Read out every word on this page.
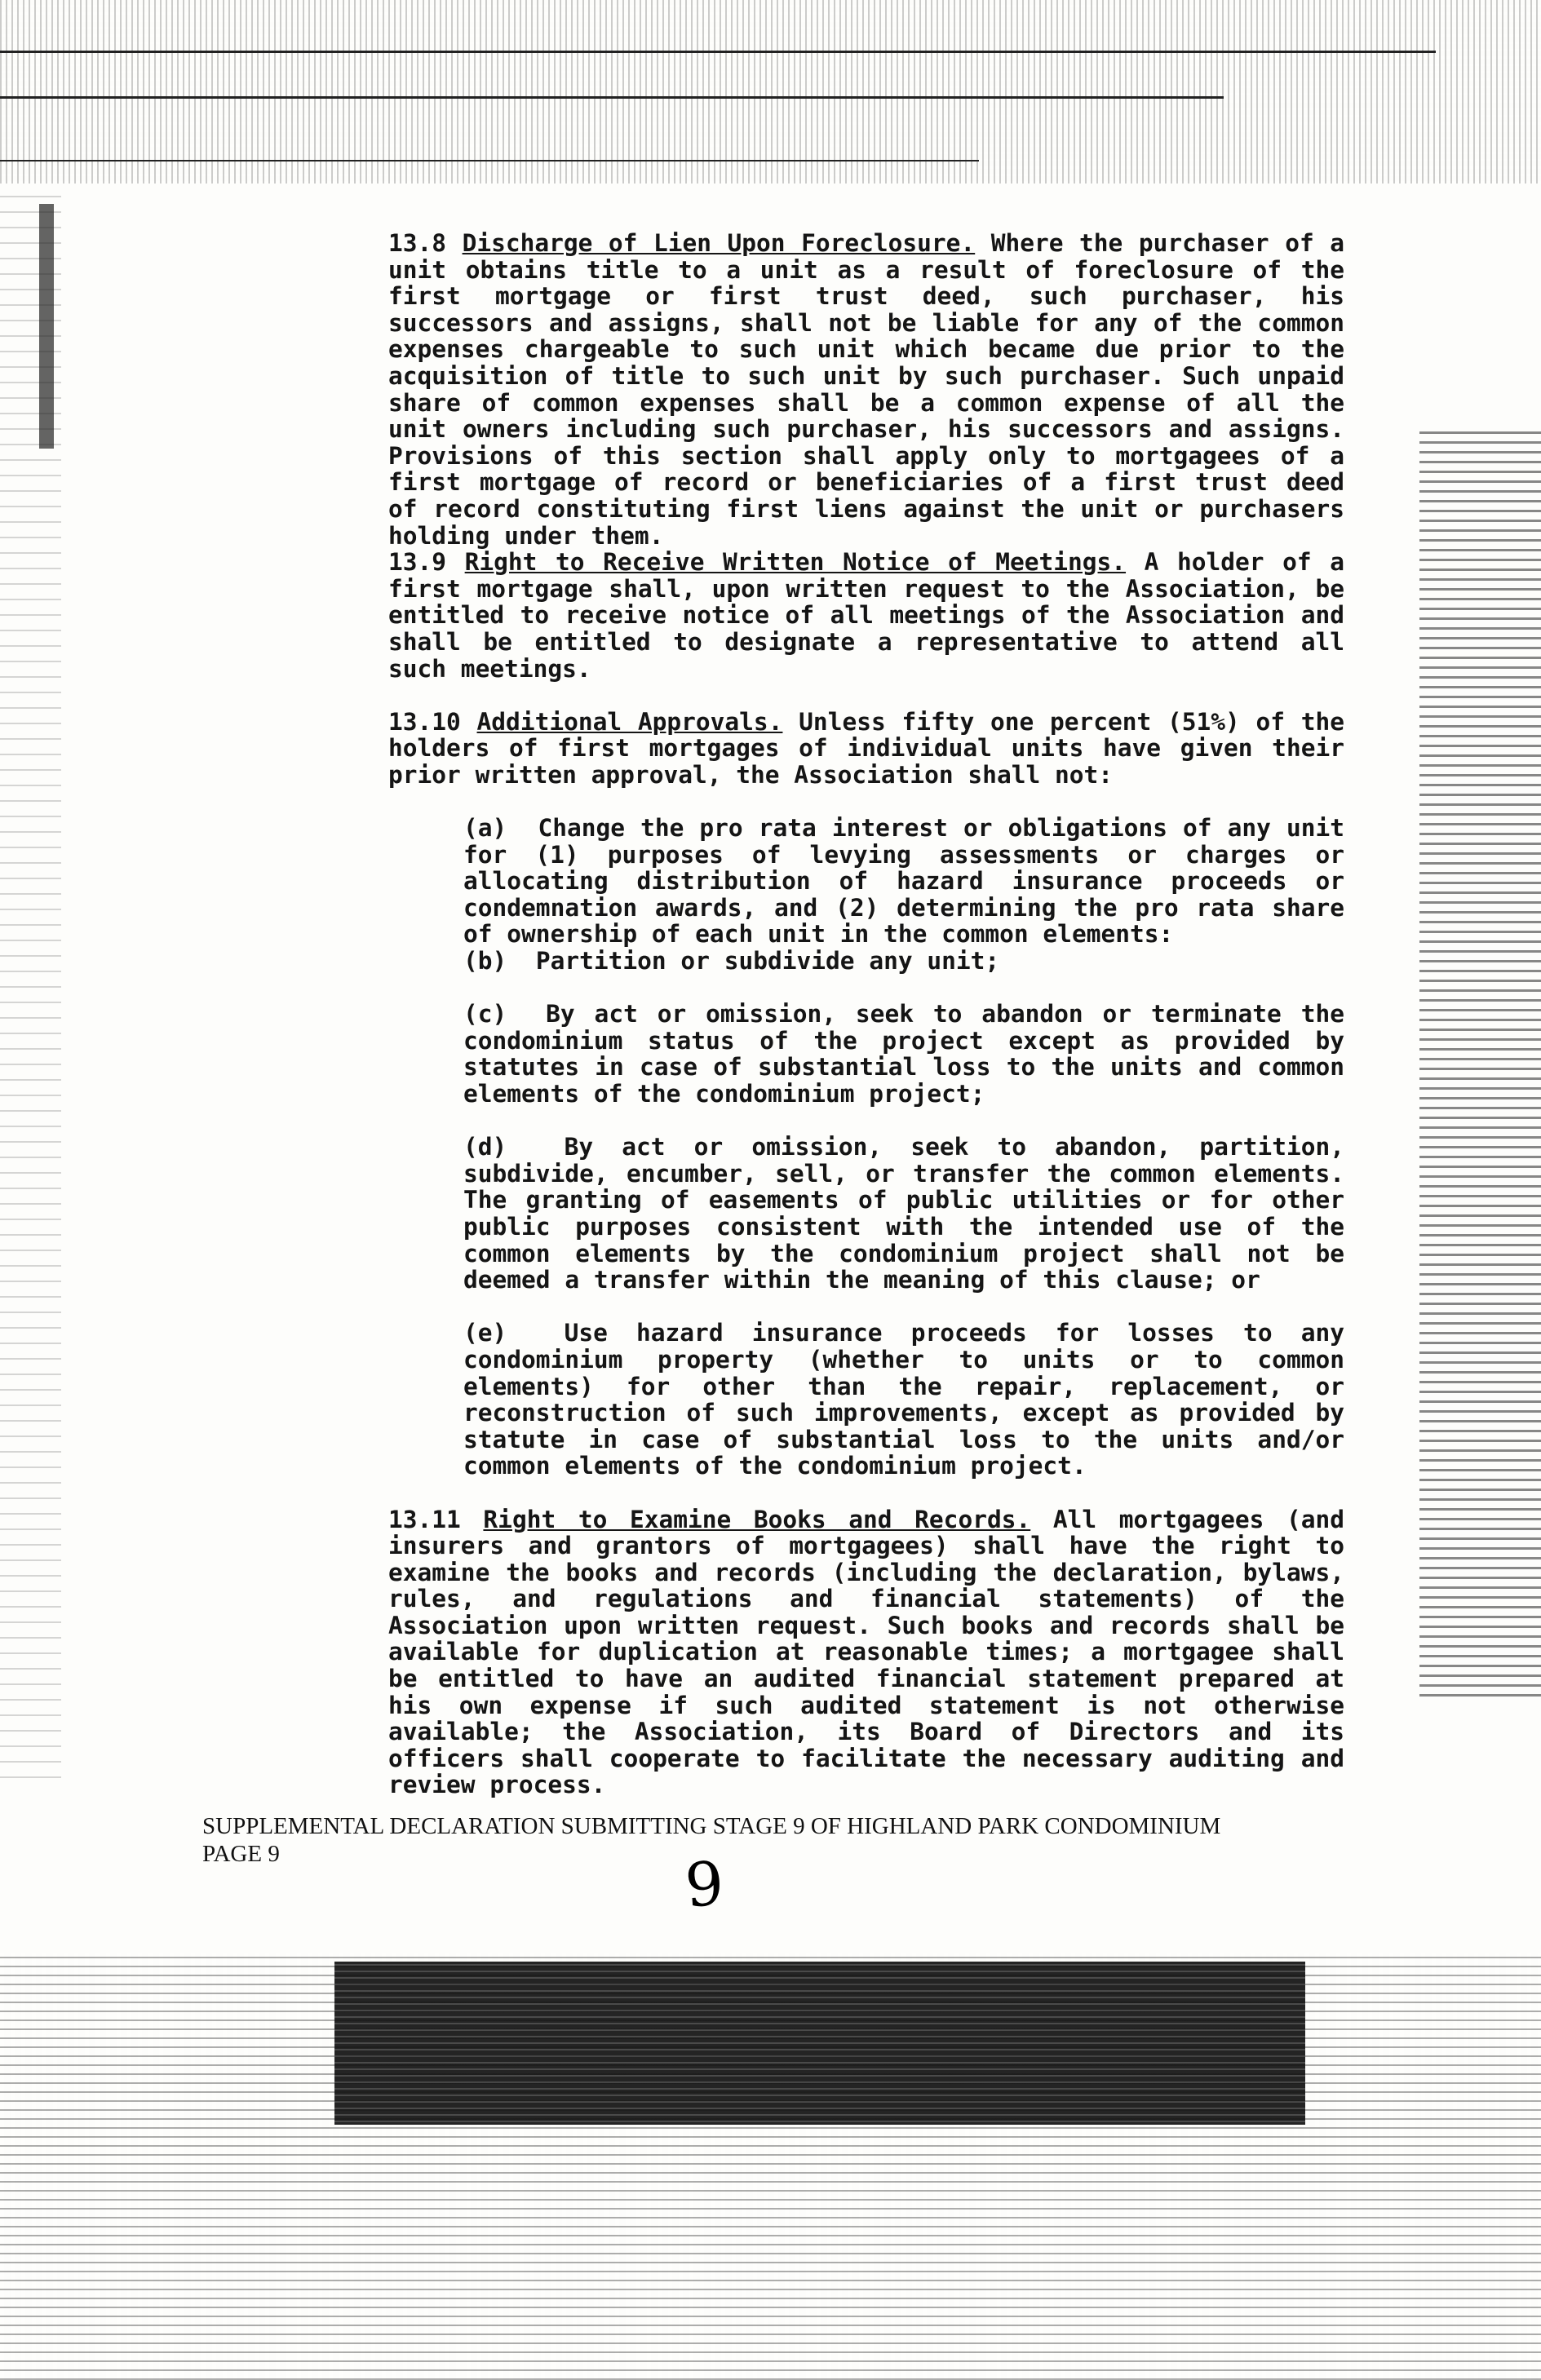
13.8 Discharge of Lien Upon Foreclosure. Where the purchaser of a unit obtains title to a unit as a result of foreclosure of the first mortgage or first trust deed, such purchaser, his successors and assigns, shall not be liable for any of the common expenses chargeable to such unit which became due prior to the acquisition of title to such unit by such purchaser. Such unpaid share of common expenses shall be a common expense of all the unit owners including such purchaser, his successors and assigns. Provisions of this section shall apply only to mortgagees of a first mortgage of record or beneficiaries of a first trust deed of record constituting first liens against the unit or purchasers holding under them.

13.9 Right to Receive Written Notice of Meetings. A holder of a first mortgage shall, upon written request to the Association, be entitled to receive notice of all meetings of the Association and shall be entitled to designate a representative to attend all such meetings.

13.10 Additional Approvals. Unless fifty one percent (51%) of the holders of first mortgages of individual units have given their prior written approval, the Association shall not:

(a) Change the pro rata interest or obligations of any unit for (1) purposes of levying assessments or charges or allocating distribution of hazard insurance proceeds or condemnation awards, and (2) determining the pro rata share of ownership of each unit in the common elements:

(b) Partition or subdivide any unit;

(c) By act or omission, seek to abandon or terminate the condominium status of the project except as provided by statutes in case of substantial loss to the units and common elements of the condominium project;

(d) By act or omission, seek to abandon, partition, subdivide, encumber, sell, or transfer the common elements. The granting of easements of public utilities or for other public purposes consistent with the intended use of the common elements by the condominium project shall not be deemed a transfer within the meaning of this clause; or

(e) Use hazard insurance proceeds for losses to any condominium property (whether to units or to common elements) for other than the repair, replacement, or reconstruction of such improvements, except as provided by statute in case of substantial loss to the units and/or common elements of the condominium project.

13.11 Right to Examine Books and Records. All mortgagees (and insurers and grantors of mortgagees) shall have the right to examine the books and records (including the declaration, bylaws, rules, and regulations and financial statements) of the Association upon written request. Such books and records shall be available for duplication at reasonable times; a mortgagee shall be entitled to have an audited financial statement prepared at his own expense if such audited statement is not otherwise available; the Association, its Board of Directors and its officers shall cooperate to facilitate the necessary auditing and review process.

SUPPLEMENTAL DECLARATION SUBMITTING STAGE 9 OF HIGHLAND PARK CONDOMINIUM
PAGE 9	9
